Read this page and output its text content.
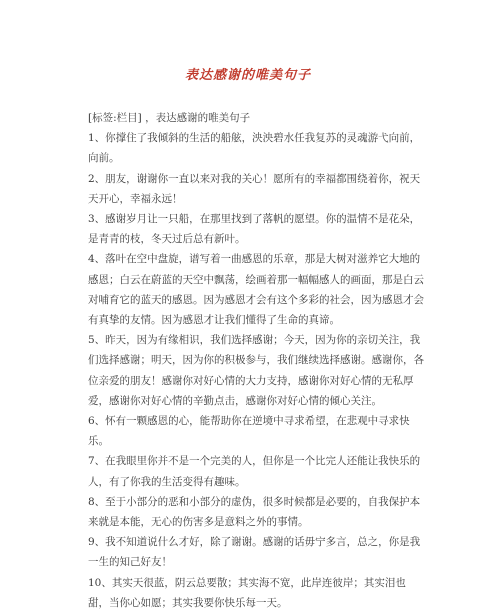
表达感谢的唯美句子

[标签:栏目] ，表达感谢的唯美句子

1、你撑住了我倾斜的生活的船舷，泱泱碧水任我复苏的灵魂游弋向前，向前。

2、朋友，谢谢你一直以来对我的关心！愿所有的幸福都围绕着你，祝天天开心，幸福永远！

3、感谢岁月让一只船，在那里找到了落帆的愿望。你的温情不是花朵，是青青的枝，冬天过后总有新叶。

4、落叶在空中盘旋，谱写着一曲感恩的乐章，那是大树对滋养它大地的感恩；白云在蔚蓝的天空中飘荡，绘画着那一幅幅感人的画面，那是白云对哺育它的蓝天的感恩。因为感恩才会有这个多彩的社会，因为感恩才会有真挚的友情。因为感恩才让我们懂得了生命的真谛。

5、昨天，因为有缘相识，我们选择感谢；今天，因为你的亲切关注，我们选择感谢；明天，因为你的积极参与，我们继续选择感谢。感谢你，各位亲爱的朋友！感谢你对好心情的大力支持，感谢你对好心情的无私厚爱，感谢你对好心情的辛勤点击，感谢你对好心情的倾心关注。

6、怀有一颗感恩的心，能帮助你在逆境中寻求希望，在悲观中寻求快乐。

7、在我眼里你并不是一个完美的人，但你是一个比完人还能让我快乐的人，有了你我的生活变得有趣味。

8、至于小部分的恶和小部分的虚伪，很多时候都是必要的，自我保护本来就是本能，无心的伤害多是意料之外的事情。

9、我不知道说什么才好，除了谢谢。感谢的话毋宁多言，总之，你是我一生的知己好友！

10、其实天很蓝，阴云总要散；其实海不宽，此岸连彼岸；其实泪也甜，当你心如愿；其实我要你快乐每一天。
